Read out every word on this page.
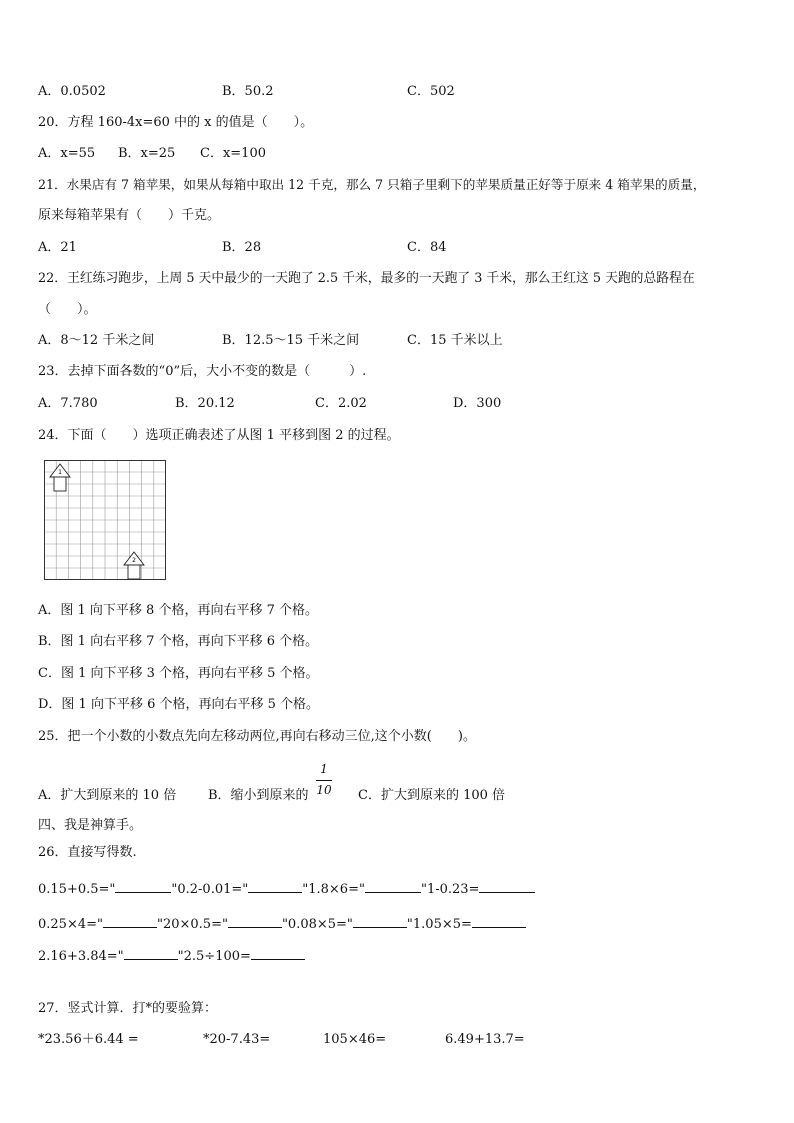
A．0.0502	B．50.2	C．502
20．方程 160-4x=60 中的 x 的值是（　　）。
A．x=55 B．x=25 C．x=100
21．水果店有 7 箱苹果，如果从每箱中取出 12 千克，那么 7 只箱子里剩下的苹果质量正好等于原来 4 箱苹果的质量，
原来每箱苹果有（　　）千克。
A．21	B．28	C．84
22．王红练习跑步，上周 5 天中最少的一天跑了 2.5 千米，最多的一天跑了 3 千米，那么王红这 5 天跑的总路程在
（　　）。
A．8～12 千米之间	B．12.5～15 千米之间	C．15 千米以上
23．去掉下面各数的“0”后，大小不变的数是（　　　）.
A．7.780	B．20.12	C．2.02	D．300
24．下面（　　）选项正确表述了从图 1 平移到图 2 的过程。
1
2
A．图 1 向下平移 8 个格，再向右平移 7 个格。
B．图 1 向右平移 7 个格，再向下平移 6 个格。
C．图 1 向下平移 3 个格，再向右平移 5 个格。
D．图 1 向下平移 6 个格，再向右平移 5 个格。
25．把一个小数的小数点先向左移动两位,再向右移动三位,这个小数(　　)。
A．扩大到原来的 10 倍 B．缩小到原来的
1
10 C．扩大到原来的 100 倍
四、我是神算手。
26．直接写得数.
0.15+0.5="	"0.2-0.01="	"1.8×6="	"1-0.23=
0.25×4="	"20×0.5="	"0.08×5="	"1.05×5=
2.16+3.84="	"2.5÷100=
27．竖式计算．打*的要验算：
*23.56＋6.44 =	*20-7.43=	105×46=	6.49+13.7=
